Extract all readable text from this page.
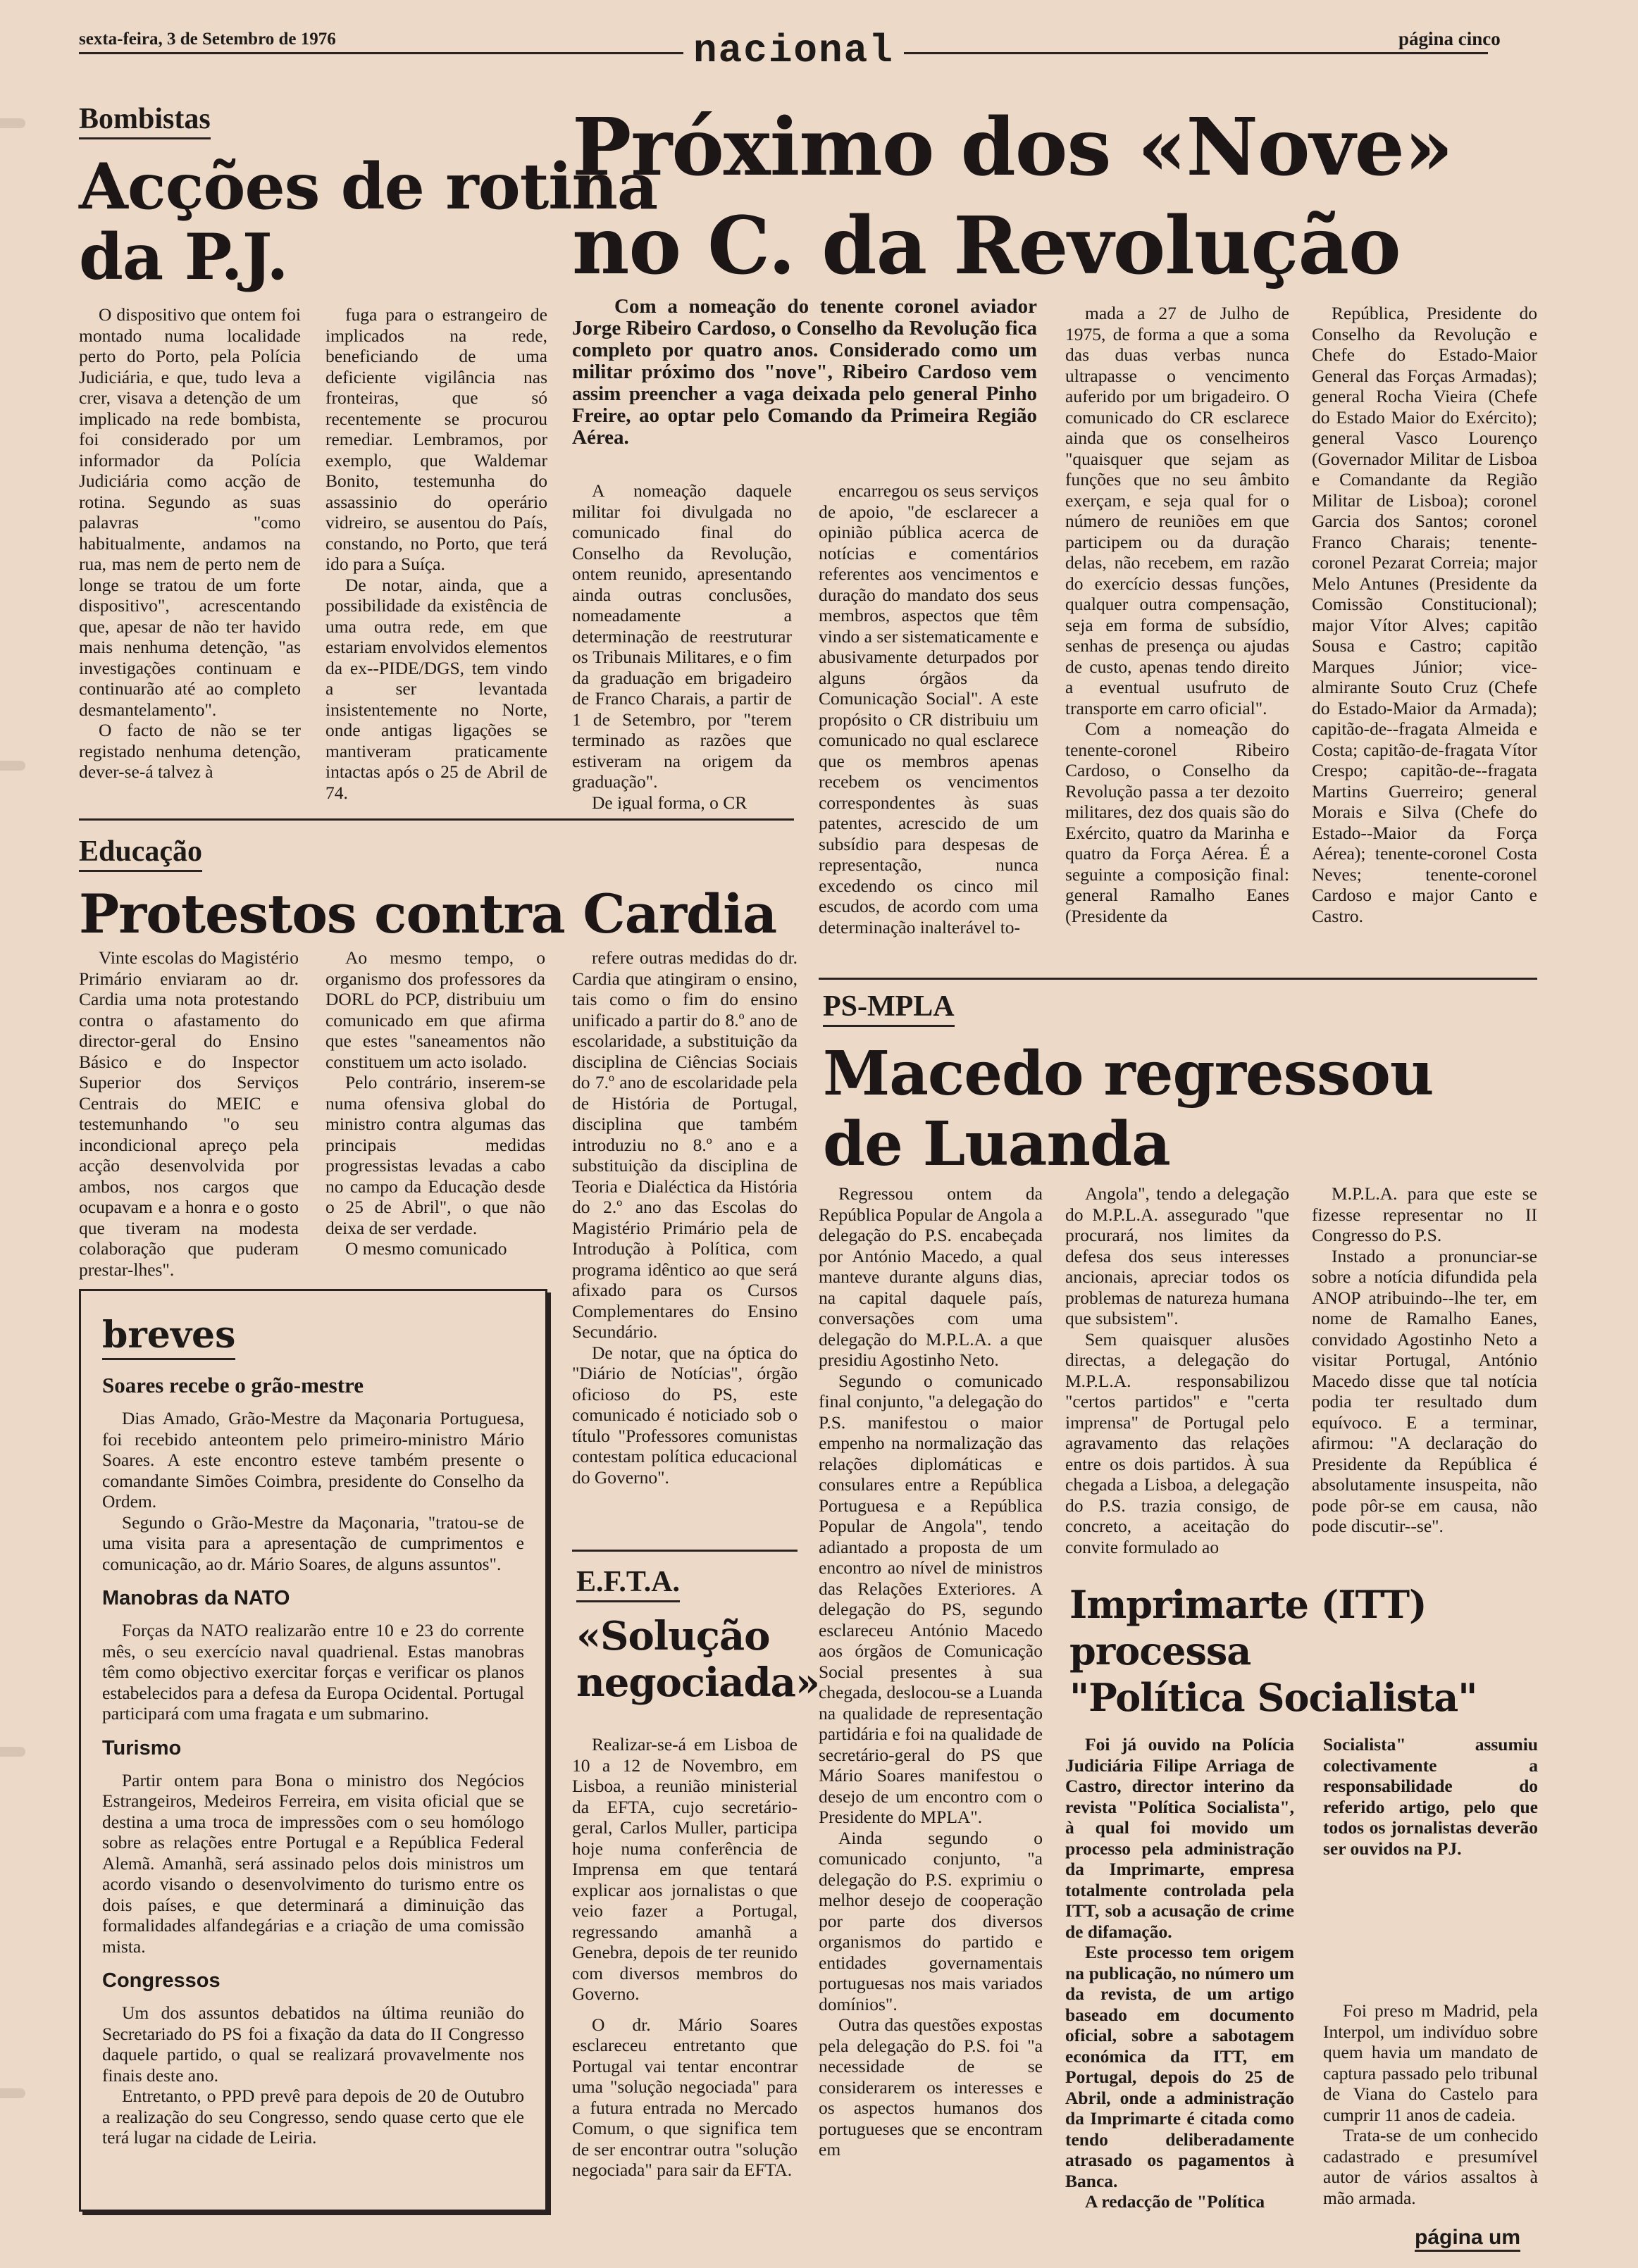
sexta-feira, 3 de Setembro de 1976	nacional	página cinco
Bombistas
Acções de rotina
da P.J.

O dispositivo que ontem foi montado numa localidade perto do Porto, pela Polícia Judiciária, e que, tudo leva a crer, visava a detenção de um implicado na rede bombista, foi considerado por um informador da Polícia Judiciária como acção de rotina. Segundo as suas palavras "como habitualmente, andamos na rua, mas nem de perto nem de longe se tratou de um forte dispositivo", acrescentando que, apesar de não ter havido mais nenhuma detenção, "as investigações continuam e continuarão até ao completo desmantelamento".

O facto de não se ter registado nenhuma detenção, dever-se-á talvez à

fuga para o estrangeiro de implicados na rede, beneficiando de uma deficiente vigilância nas fronteiras, que só recentemente se procurou remediar. Lembramos, por exemplo, que Waldemar Bonito, testemunha do assassinio do operário vidreiro, se ausentou do País, constando, no Porto, que terá ido para a Suíça.

De notar, ainda, que a possibilidade da existência de uma outra rede, em que estariam envolvidos elementos da ex--PIDE/DGS, tem vindo a ser levantada insistentemente no Norte, onde antigas ligações se mantiveram praticamente intactas após o 25 de Abril de 74.

Próximo dos «Nove»
no C. da Revolução
Com a nomeação do tenente coronel aviador Jorge Ribeiro Cardoso, o Conselho da Revolução fica completo por quatro anos. Considerado como um militar próximo dos "nove", Ribeiro Cardoso vem assim preencher a vaga deixada pelo general Pinho Freire, ao optar pelo Comando da Primeira Região Aérea.

A nomeação daquele militar foi divulgada no comunicado final do Conselho da Revolução, ontem reunido, apresentando ainda outras conclusões, nomeadamente a determinação de reestruturar os Tribunais Militares, e o fim da graduação em brigadeiro de Franco Charais, a partir de 1 de Setembro, por "terem terminado as razões que estiveram na origem da graduação".

De igual forma, o CR

encarregou os seus serviços de apoio, "de esclarecer a opinião pública acerca de notícias e comentários referentes aos vencimentos e duração do mandato dos seus membros, aspectos que têm vindo a ser sistematicamente e abusivamente deturpados por alguns órgãos da Comunicação Social". A este propósito o CR distribuiu um comunicado no qual esclarece que os membros apenas recebem os vencimentos correspondentes às suas patentes, acrescido de um subsídio para despesas de representação, nunca excedendo os cinco mil escudos, de acordo com uma determinação inalterável to-

mada a 27 de Julho de 1975, de forma a que a soma das duas verbas nunca ultrapasse o vencimento auferido por um brigadeiro. O comunicado do CR esclarece ainda que os conselheiros "quaisquer que sejam as funções que no seu âmbito exerçam, e seja qual for o número de reuniões em que participem ou da duração delas, não recebem, em razão do exercício dessas funções, qualquer outra compensação, seja em forma de subsídio, senhas de presença ou ajudas de custo, apenas tendo direito a eventual usufruto de transporte em carro oficial".

Com a nomeação do tenente-coronel Ribeiro Cardoso, o Conselho da Revolução passa a ter dezoito militares, dez dos quais são do Exército, quatro da Marinha e quatro da Força Aérea. É a seguinte a composição final: general Ramalho Eanes (Presidente da

República, Presidente do Conselho da Revolução e Chefe do Estado-Maior General das Forças Armadas); general Rocha Vieira (Chefe do Estado Maior do Exército); general Vasco Lourenço (Governador Militar de Lisboa e Comandante da Região Militar de Lisboa); coronel Garcia dos Santos; coronel Franco Charais; tenente-coronel Pezarat Correia; major Melo Antunes (Presidente da Comissão Constitucional); major Vítor Alves; capitão Sousa e Castro; capitão Marques Júnior; vice-almirante Souto Cruz (Chefe do Estado-Maior da Armada); capitão-de--fragata Almeida e Costa; capitão-de-fragata Vítor Crespo; capitão-de--fragata Martins Guerreiro; general Morais e Silva (Chefe do Estado--Maior da Força Aérea); tenente-coronel Costa Neves; tenente-coronel Cardoso e major Canto e Castro.

Educação
Protestos contra Cardia

Vinte escolas do Magistério Primário enviaram ao dr. Cardia uma nota protestando contra o afastamento do director-geral do Ensino Básico e do Inspector Superior dos Serviços Centrais do MEIC e testemunhando "o seu incondicional apreço pela acção desenvolvida por ambos, nos cargos que ocupavam e a honra e o gosto que tiveram na modesta colaboração que puderam prestar-lhes".

Ao mesmo tempo, o organismo dos professores da DORL do PCP, distribuiu um comunicado em que afirma que estes "saneamentos não constituem um acto isolado.

Pelo contrário, inserem-se numa ofensiva global do ministro contra algumas das principais medidas progressistas levadas a cabo no campo da Educação desde o 25 de Abril", o que não deixa de ser verdade.

O mesmo comunicado

refere outras medidas do dr. Cardia que atingiram o ensino, tais como o fim do ensino unificado a partir do 8.º ano de escolaridade, a substituição da disciplina de Ciências Sociais do 7.º ano de escolaridade pela de História de Portugal, disciplina que também introduziu no 8.º ano e a substituição da disciplina de Teoria e Dialéctica da História do 2.º ano das Escolas do Magistério Primário pela de Introdução à Política, com programa idêntico ao que será afixado para os Cursos Complementares do Ensino Secundário.

De notar, que na óptica do "Diário de Notícias", órgão oficioso do PS, este comunicado é noticiado sob o título "Professores comunistas contestam política educacional do Governo".

breves
Soares recebe o grão-mestre

Dias Amado, Grão-Mestre da Maçonaria Portuguesa, foi recebido anteontem pelo primeiro-ministro Mário Soares. A este encontro esteve também presente o comandante Simões Coimbra, presidente do Conselho da Ordem.

Segundo o Grão-Mestre da Maçonaria, "tratou-se de uma visita para a apresentação de cumprimentos e comunicação, ao dr. Mário Soares, de alguns assuntos".

Manobras da NATO

Forças da NATO realizarão entre 10 e 23 do corrente mês, o seu exercício naval quadrienal. Estas manobras têm como objectivo exercitar forças e verificar os planos estabelecidos para a defesa da Europa Ocidental. Portugal participará com uma fragata e um submarino.

Turismo

Partir ontem para Bona o ministro dos Negócios Estrangeiros, Medeiros Ferreira, em visita oficial que se destina a uma troca de impressões com o seu homólogo sobre as relações entre Portugal e a República Federal Alemã. Amanhã, será assinado pelos dois ministros um acordo visando o desenvolvimento do turismo entre os dois países, e que determinará a diminuição das formalidades alfandegárias e a criação de uma comissão mista.

Congressos

Um dos assuntos debatidos na última reunião do Secretariado do PS foi a fixação da data do II Congresso daquele partido, o qual se realizará provavelmente nos finais deste ano.

Entretanto, o PPD prevê para depois de 20 de Outubro a realização do seu Congresso, sendo quase certo que ele terá lugar na cidade de Leiria.

E.F.T.A.
«Solução
negociada»

Realizar-se-á em Lisboa de 10 a 12 de Novembro, em Lisboa, a reunião ministerial da EFTA, cujo secretário-geral, Carlos Muller, participa hoje numa conferência de Imprensa em que tentará explicar aos jornalistas o que veio fazer a Portugal, regressando amanhã a Genebra, depois de ter reunido com diversos membros do Governo.

O dr. Mário Soares esclareceu entretanto que Portugal vai tentar encontrar uma "solução negociada" para a futura entrada no Mercado Comum, o que significa tem de ser encontrar outra "solução negociada" para sair da EFTA.

PS-MPLA
Macedo regressou
de Luanda

Regressou ontem da República Popular de Angola a delegação do P.S. encabeçada por António Macedo, a qual manteve durante alguns dias, na capital daquele país, conversações com uma delegação do M.P.L.A. a que presidiu Agostinho Neto.

Segundo o comunicado final conjunto, "a delegação do P.S. manifestou o maior empenho na normalização das relações diplomáticas e consulares entre a República Portuguesa e a República Popular de Angola", tendo adiantado a proposta de um encontro ao nível de ministros das Relações Exteriores. A delegação do PS, segundo esclareceu António Macedo aos órgãos de Comunicação Social presentes à sua chegada, deslocou-se a Luanda na qualidade de representação partidária e foi na qualidade de secretário-geral do PS que Mário Soares manifestou o desejo de um encontro com o Presidente do MPLA".

Ainda segundo o comunicado conjunto, "a delegação do P.S. exprimiu o melhor desejo de cooperação por parte dos diversos organismos do partido e entidades governamentais portuguesas nos mais variados domínios".

Outra das questões expostas pela delegação do P.S. foi "a necessidade de se considerarem os interesses e os aspectos humanos dos portugueses que se encontram em

Angola", tendo a delegação do M.P.L.A. assegurado "que procurará, nos limites da defesa dos seus interesses ancionais, apreciar todos os problemas de natureza humana que subsistem".

Sem quaisquer alusões directas, a delegação do M.P.L.A. responsabilizou "certos partidos" e "certa imprensa" de Portugal pelo agravamento das relações entre os dois partidos. À sua chegada a Lisboa, a delegação do P.S. trazia consigo, de concreto, a aceitação do convite formulado ao

M.P.L.A. para que este se fizesse representar no II Congresso do P.S.

Instado a pronunciar-se sobre a notícia difundida pela ANOP atribuindo--lhe ter, em nome de Ramalho Eanes, convidado Agostinho Neto a visitar Portugal, António Macedo disse que tal notícia podia ter resultado dum equívoco. E a terminar, afirmou: "A declaração do Presidente da República é absolutamente insuspeita, não pode pôr-se em causa, não pode discutir--se".

Imprimarte (ITT)
processa
"Política Socialista"

Foi já ouvido na Polícia Judiciária Filipe Arriaga de Castro, director interino da revista "Política Socialista", à qual foi movido um processo pela administração da Imprimarte, empresa totalmente controlada pela ITT, sob a acusação de crime de difamação.

Este processo tem origem na publicação, no número um da revista, de um artigo baseado em documento oficial, sobre a sabotagem económica da ITT, em Portugal, depois do 25 de Abril, onde a administração da Imprimarte é citada como tendo deliberadamente atrasado os pagamentos à Banca.

A redacção de "Política

Socialista" assumiu colectivamente a responsabilidade do referido artigo, pelo que todos os jornalistas deverão ser ouvidos na PJ.

Foi preso m Madrid, pela Interpol, um indivíduo sobre quem havia um mandato de captura passado pelo tribunal de Viana do Castelo para cumprir 11 anos de cadeia.

Trata-se de um conhecido cadastrado e presumível autor de vários assaltos à mão armada.

página um
